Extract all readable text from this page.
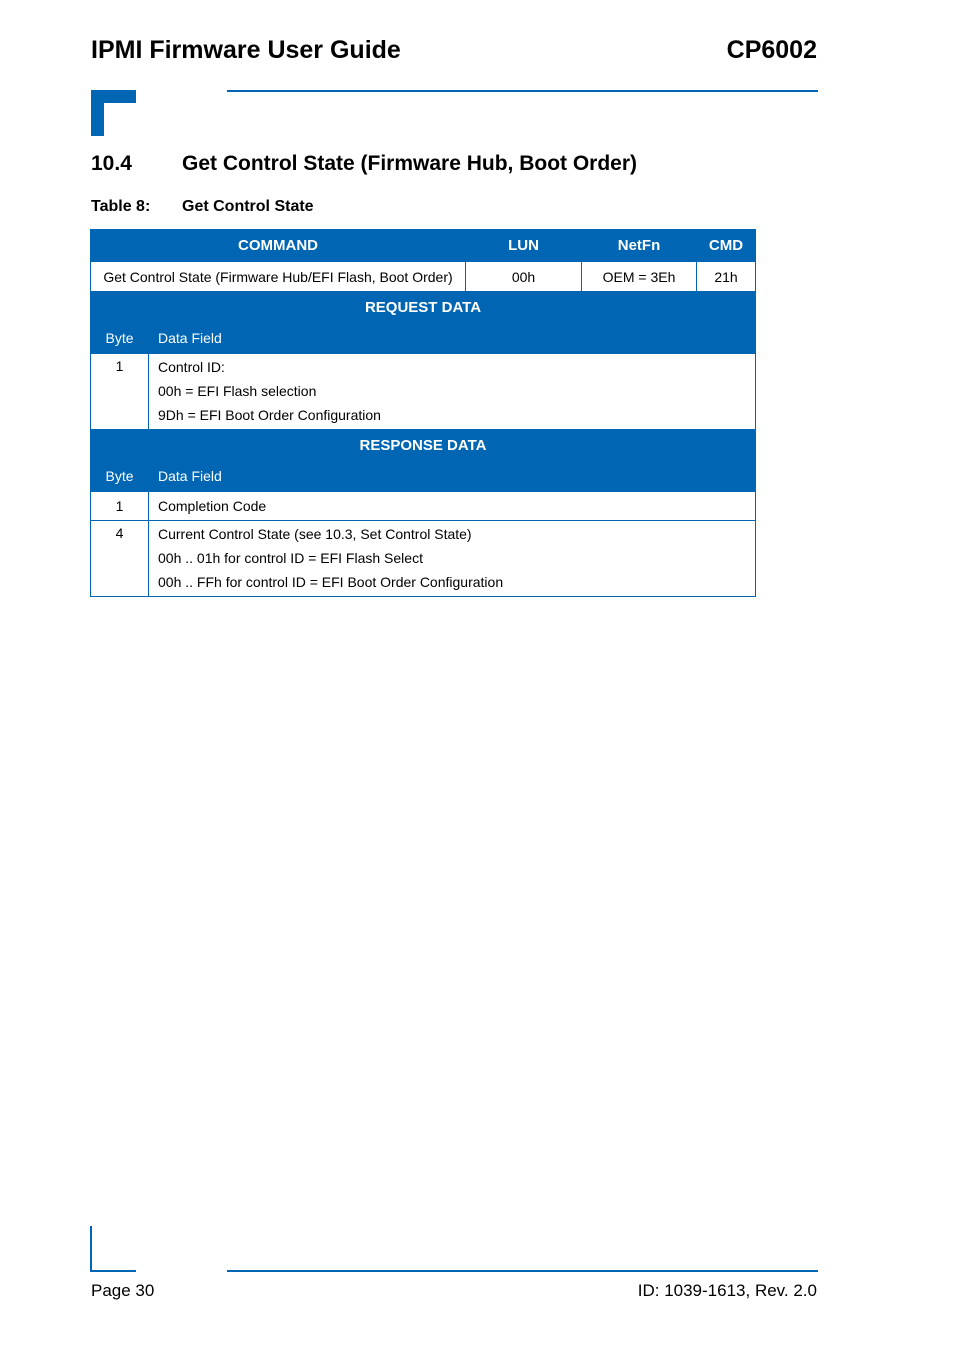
IPMI Firmware User Guide	CP6002
10.4 Get Control State (Firmware Hub, Boot Order)
Table 8: Get Control State
COMMAND		LUN	NetFn	CMD
Get Control State (Firmware Hub/EFI Flash, Boot Order)		00h	OEM = 3Eh	21h
REQUEST DATA				
Byte	Data Field			
1	Control ID:
00h = EFI Flash selection
9Dh = EFI Boot Order Configuration			

RESPONSE DATA				
Byte	Data Field			
1	Completion Code			
4	Current Control State (see 10.3, Set Control State)
00h .. 01h for control ID = EFI Flash Select
00h .. FFh for control ID = EFI Boot Order Configuration			
Page 30	ID: 1039-1613, Rev. 2.0
